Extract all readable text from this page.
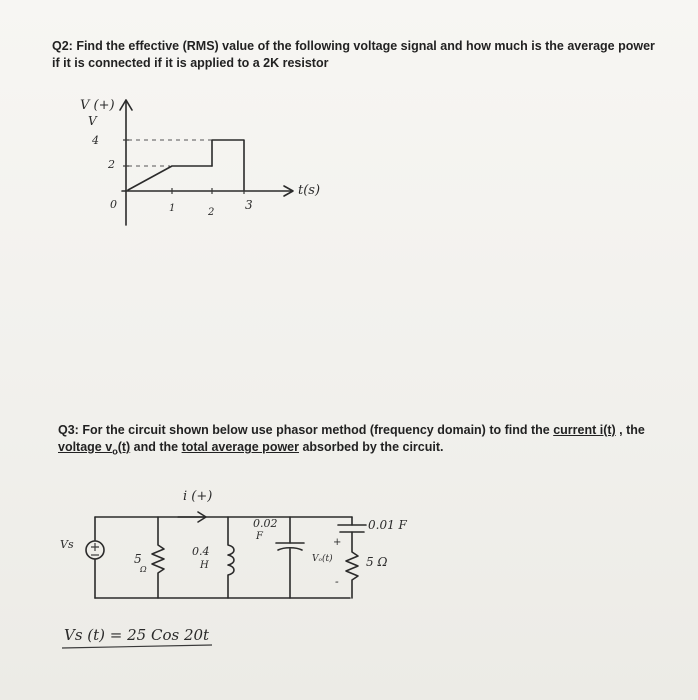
Q2: Find the effective (RMS) value of the following voltage signal and how much is the average power if it is connected if it is applied to a 2K resistor
V (+)
V
4
2
0	1	2
3
t(s)
Q3: For the circuit shown below use phasor method (frequency domain) to find the current i(t) , the voltage $v_o(t)$ and the total average power absorbed by the circuit.
i (+)
Vs
5
Ω
0.4
H
0.02
F
0.01 F
+
Vₒ(t)
-
5 Ω
Vs (t) = 25 Cos 20t
